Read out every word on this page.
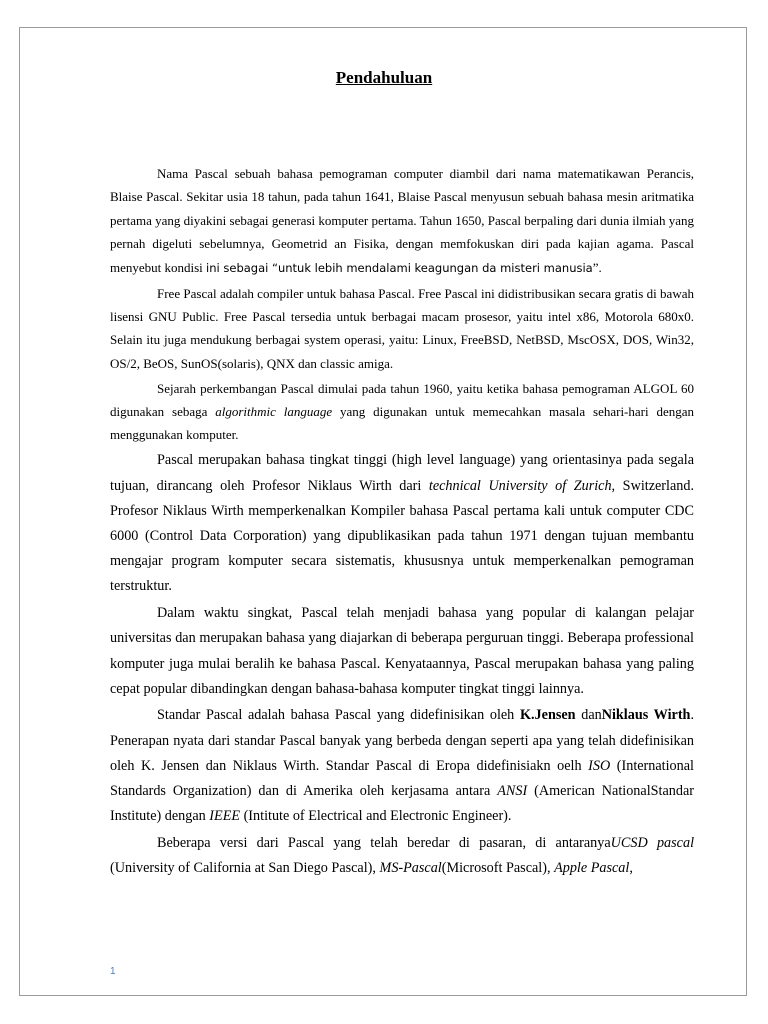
Pendahuluan

Nama Pascal sebuah bahasa pemograman computer diambil dari nama matematikawan Perancis, Blaise Pascal. Sekitar usia 18 tahun, pada tahun 1641, Blaise Pascal menyusun sebuah bahasa mesin aritmatika pertama yang diyakini sebagai generasi komputer pertama. Tahun 1650, Pascal berpaling dari dunia ilmiah yang pernah digeluti sebelumnya, Geometrid an Fisika, dengan memfokuskan diri pada kajian agama. Pascal menyebut kondisi ini sebagai “untuk lebih mendalami keagungan da misteri manusia”.

Free Pascal adalah compiler untuk bahasa Pascal. Free Pascal ini didistribusikan secara gratis di bawah lisensi GNU Public. Free Pascal tersedia untuk berbagai macam prosesor, yaitu intel x86, Motorola 680x0. Selain itu juga mendukung berbagai system operasi, yaitu: Linux, FreeBSD, NetBSD, MscOSX, DOS, Win32, OS/2, BeOS, SunOS(solaris), QNX dan classic amiga.

Sejarah perkembangan Pascal dimulai pada tahun 1960, yaitu ketika bahasa pemograman ALGOL 60 digunakan sebaga algorithmic language yang digunakan untuk memecahkan masala sehari-hari dengan menggunakan komputer.

Pascal merupakan bahasa tingkat tinggi (high level language) yang orientasinya pada segala tujuan, dirancang oleh Profesor Niklaus Wirth dari technical University of Zurich, Switzerland. Profesor Niklaus Wirth memperkenalkan Kompiler bahasa Pascal pertama kali untuk computer CDC 6000 (Control Data Corporation) yang dipublikasikan pada tahun 1971 dengan tujuan membantu mengajar program komputer secara sistematis, khususnya untuk memperkenalkan pemograman terstruktur.

Dalam waktu singkat, Pascal telah menjadi bahasa yang popular di kalangan pelajar universitas dan merupakan bahasa yang diajarkan di beberapa perguruan tinggi. Beberapa professional komputer juga mulai beralih ke bahasa Pascal. Kenyataannya, Pascal merupakan bahasa yang paling cepat popular dibandingkan dengan bahasa-bahasa komputer tingkat tinggi lainnya.

Standar Pascal adalah bahasa Pascal yang didefinisikan oleh K.Jensen danNiklaus Wirth. Penerapan nyata dari standar Pascal banyak yang berbeda dengan seperti apa yang telah didefinisikan oleh K. Jensen dan Niklaus Wirth. Standar Pascal di Eropa didefinisiakn oelh ISO (International Standards Organization) dan di Amerika oleh kerjasama antara ANSI (American NationalStandar Institute) dengan IEEE (Intitute of Electrical and Electronic Engineer).

Beberapa versi dari Pascal yang telah beredar di pasaran, di antaranyaUCSD pascal (University of California at San Diego Pascal), MS-Pascal(Microsoft Pascal), Apple Pascal,

1
